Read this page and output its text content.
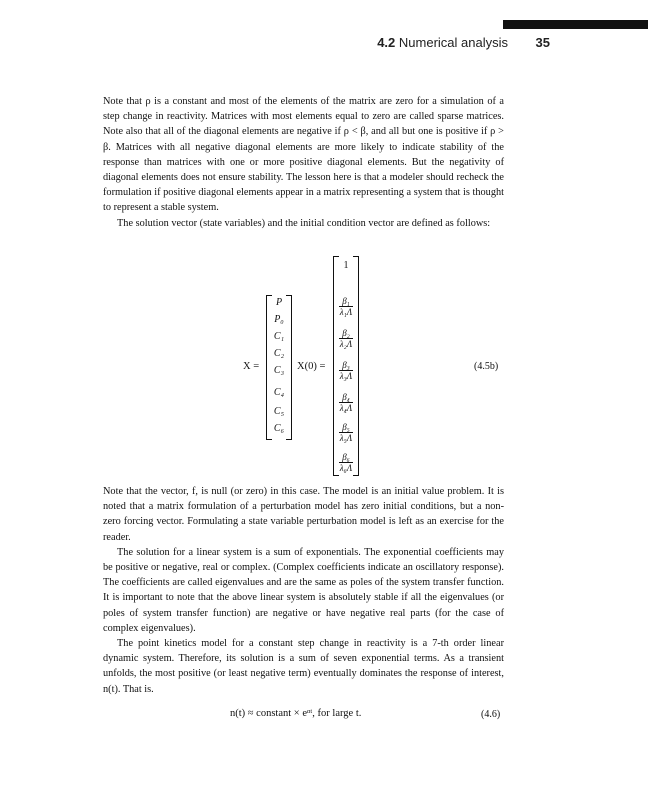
4.2 Numerical analysis 35

Note that ρ is a constant and most of the elements of the matrix are zero for a simulation of a step change in reactivity. Matrices with most elements equal to zero are called sparse matrices. Note also that all of the diagonal elements are negative if ρ < β, and all but one is positive if ρ > β. Matrices with all negative diagonal elements are more likely to indicate stability of the response than matrices with one or more positive diagonal elements. But the negativity of diagonal elements does not ensure stability. The lesson here is that a modeler should recheck the formulation if positive diagonal elements appear in a matrix representing a system that is thought to represent a stable system.

The solution vector (state variables) and the initial condition vector are defined as follows:

X =
P
P₀
C₁
C₂
C₃
C₄
C₅
C₆
X(0) =
1
$\frac{\text{β₁}}{\text{λ₁Λ}}$
$\frac{\text{β₂}}{\text{λ₂Λ}}$
$\frac{\text{β₃}}{\text{λ₃Λ}}$
$\frac{\text{β₄}}{\text{λ₄Λ}}$
$\frac{\text{β₅}}{\text{λ₅Λ}}$
$\frac{\text{β₆}}{\text{λ₆Λ}}$
(4.5b)

Note that the vector, f, is null (or zero) in this case. The model is an initial value problem. It is noted that a matrix formulation of a perturbation model has zero initial conditions, but a non-zero forcing vector. Formulating a state variable perturbation model is left as an exercise for the reader.

The solution for a linear system is a sum of exponentials. The exponential coefficients may be positive or negative, real or complex. (Complex coefficients indicate an oscillatory response). The coefficients are called eigenvalues and are the same as poles of the system transfer function. It is important to note that the above linear system is absolutely stable if all the eigenvalues (or poles of system transfer function) are negative or have negative real parts (for the case of complex eigenvalues).

The point kinetics model for a constant step change in reactivity is a 7-th order linear dynamic system. Therefore, its solution is a sum of seven exponential terms. As a transient unfolds, the most positive (or least negative term) eventually dominates the response of interest, n(t). That is.

n(t) ≈ constant × eᵅᵗ, for large t.	(4.6)
